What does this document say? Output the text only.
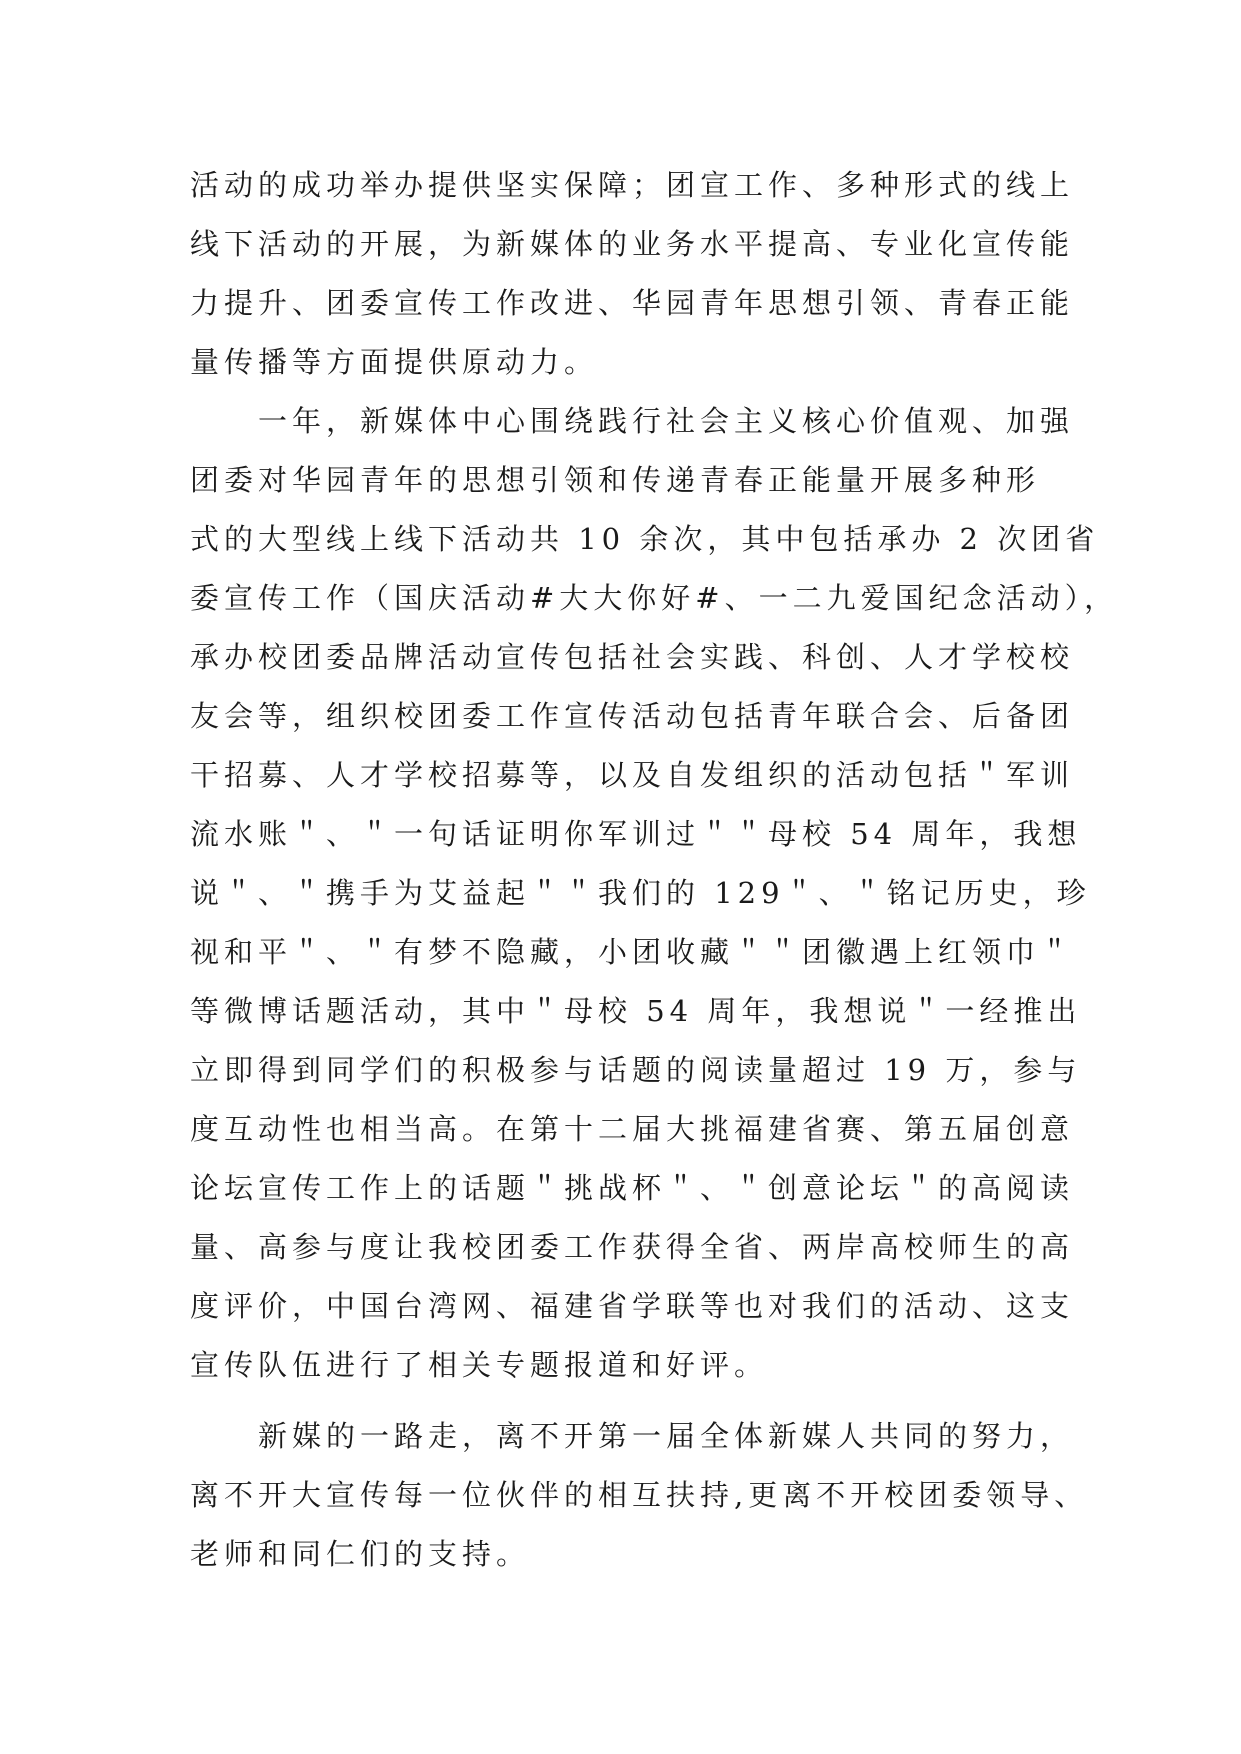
活动的成功举办提供坚实保障；团宣工作、多种形式的线上
线下活动的开展，为新媒体的业务水平提高、专业化宣传能
力提升、团委宣传工作改进、华园青年思想引领、青春正能
量传播等方面提供原动力。
　　一年，新媒体中心围绕践行社会主义核心价值观、加强
团委对华园青年的思想引领和传递青春正能量开展多种形
式的大型线上线下活动共 10 余次，其中包括承办 2 次团省
委宣传工作（国庆活动#大大你好#、一二九爱国纪念活动），
承办校团委品牌活动宣传包括社会实践、科创、人才学校校
友会等，组织校团委工作宣传活动包括青年联合会、后备团
干招募、人才学校招募等，以及自发组织的活动包括＂军训
流水账＂、＂一句话证明你军训过＂＂母校 54 周年，我想
说＂、＂携手为艾益起＂＂我们的 129＂、＂铭记历史，珍
视和平＂、＂有梦不隐藏，小团收藏＂＂团徽遇上红领巾＂
等微博话题活动，其中＂母校 54 周年，我想说＂一经推出
立即得到同学们的积极参与话题的阅读量超过 19 万，参与
度互动性也相当高。在第十二届大挑福建省赛、第五届创意
论坛宣传工作上的话题＂挑战杯＂、＂创意论坛＂的高阅读
量、高参与度让我校团委工作获得全省、两岸高校师生的高
度评价，中国台湾网、福建省学联等也对我们的活动、这支
宣传队伍进行了相关专题报道和好评。
　　新媒的一路走，离不开第一届全体新媒人共同的努力，
离不开大宣传每一位伙伴的相互扶持,更离不开校团委领导、
老师和同仁们的支持。
